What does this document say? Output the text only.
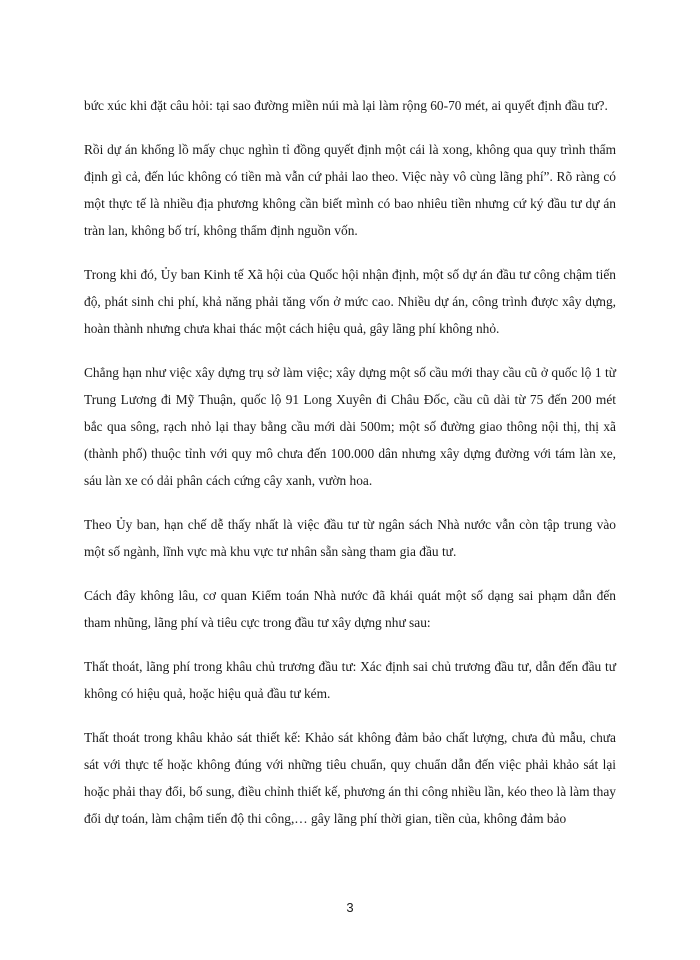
bức xúc khi đặt câu hỏi: tại sao đường miền núi mà lại làm rộng 60-70 mét, ai quyết định đầu tư?.

Rồi dự án khổng lồ mấy chục nghìn tỉ đồng quyết định một cái là xong, không qua quy trình thẩm định gì cả, đến lúc không có tiền mà vẫn cứ phải lao theo. Việc này vô cùng lãng phí”. Rõ ràng có một thực tế là nhiều địa phương không cần biết mình có bao nhiêu tiền nhưng cứ ký đầu tư dự án tràn lan, không bố trí, không thẩm định nguồn vốn.

Trong khi đó, Ủy ban Kinh tế Xã hội của Quốc hội nhận định, một số dự án đầu tư công chậm tiến độ, phát sinh chi phí, khả năng phải tăng vốn ở mức cao. Nhiều dự án, công trình được xây dựng, hoàn thành nhưng chưa khai thác một cách hiệu quả, gây lãng phí không nhỏ.

Chẳng hạn như việc xây dựng trụ sở làm việc; xây dựng một số cầu mới thay cầu cũ ở quốc lộ 1 từ Trung Lương đi Mỹ Thuận, quốc lộ 91 Long Xuyên đi Châu Đốc, cầu cũ dài từ 75 đến 200 mét bắc qua sông, rạch nhỏ lại thay bằng cầu mới dài 500m; một số đường giao thông nội thị, thị xã (thành phố) thuộc tỉnh với quy mô chưa đến 100.000 dân nhưng xây dựng đường với tám làn xe, sáu làn xe có dải phân cách cứng cây xanh, vườn hoa.

Theo Ủy ban, hạn chế dễ thấy nhất là việc đầu tư từ ngân sách Nhà nước vẫn còn tập trung vào một số ngành, lĩnh vực mà khu vực tư nhân sẵn sàng tham gia đầu tư.

Cách đây không lâu, cơ quan Kiểm toán Nhà nước đã khái quát một số dạng sai phạm dẫn đến tham nhũng, lãng phí và tiêu cực trong đầu tư xây dựng như sau:

Thất thoát, lãng phí trong khâu chủ trương đầu tư: Xác định sai chủ trương đầu tư, dẫn đến đầu tư không có hiệu quả, hoặc hiệu quả đầu tư kém.

Thất thoát trong khâu khảo sát thiết kế: Khảo sát không đảm bảo chất lượng, chưa đủ mẫu, chưa sát với thực tế hoặc không đúng với những tiêu chuẩn, quy chuẩn dẫn đến việc phải khảo sát lại hoặc phải thay đổi, bổ sung, điều chỉnh thiết kế, phương án thi công nhiều lần, kéo theo là làm thay đổi dự toán, làm chậm tiến độ thi công,… gây lãng phí thời gian, tiền của, không đảm bảo

3
